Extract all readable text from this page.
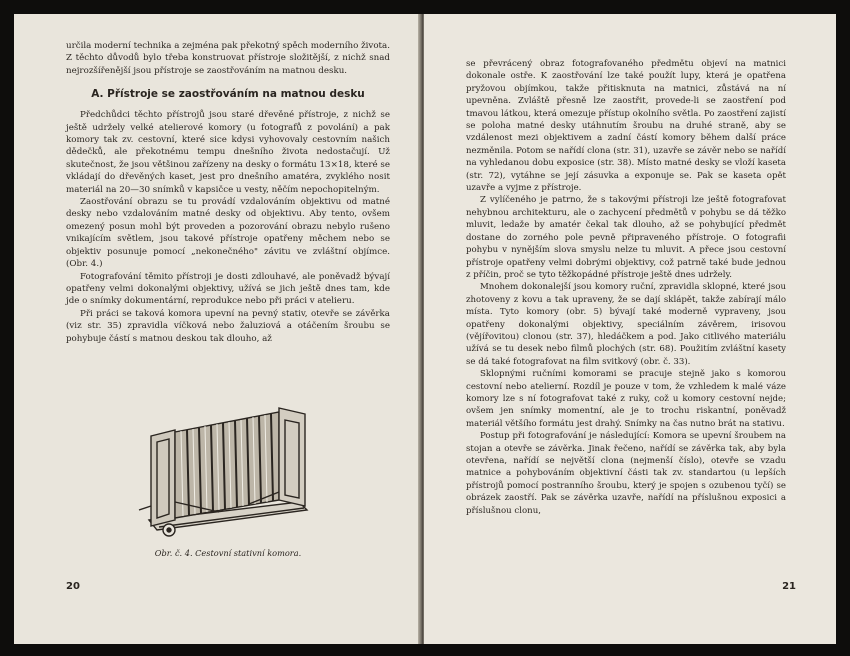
určila moderní technika a zejména pak překotný spěch moderního života. Z těchto důvodů bylo třeba konstruovat přístroje složitější, z nichž snad nejrozšířenější jsou přístroje se zaostřováním na matnou desku.

A. Přístroje se zaostřováním na matnou desku

Předchůdci těchto přístrojů jsou staré dřevěné přístroje, z nichž se ještě udržely velké atelierové komory (u fotografů z povolání) a pak komory tak zv. cestovní, které sice kdysi vyhovovaly cestovním našich dědečků, ale překotnému tempu dnešního života nedostačují. Už skutečnost, že jsou většinou zařízeny na desky o formátu 13×18, které se vkládají do dřevěných kaset, jest pro dnešního amatéra, zvyklého nosit materiál na 20—30 snímků v kapsičce u vesty, něčím nepochopitelným.

Zaostřování obrazu se tu provádí vzdalováním objektivu od matné desky nebo vzdalováním matné desky od objektivu. Aby tento, ovšem omezený posun mohl být proveden a pozorování obrazu nebylo rušeno vnikajícím světlem, jsou takové přístroje opatřeny měchem nebo se objektiv posunuje pomocí „nekonečného" závitu ve zvláštní objímce. (Obr. 4.)

Fotografování těmito přístroji je dosti zdlouhavé, ale poněvadž bývají opatřeny velmi dokonalými objektivy, užívá se jich ještě dnes tam, kde jde o snímky dokumentární, reprodukce nebo při práci v atelieru.

Při práci se taková komora upevní na pevný stativ, otevře se závěrka (viz str. 35) zpravidla víčková nebo žaluziová a otáčením šroubu se pohybuje částí s matnou deskou tak dlouho, až

Obr. č. 4. Cestovní stativní komora.
20

se převrácený obraz fotografovaného předmětu objeví na matnici dokonale ostře. K zaostřování lze také použít lupy, která je opatřena pryžovou objímkou, takže přitisknuta na matnici, zůstává na ní upevněna. Zvláště přesně lze zaostřit, provede-li se zaostření pod tmavou látkou, která omezuje přístup okolního světla. Po zaostření zajistí se poloha matné desky utáhnutím šroubu na druhé straně, aby se vzdálenost mezi objektivem a zadní částí komory během další práce nezměnila. Potom se nařídí clona (str. 31), uzavře se závěr nebo se nařídí na vyhledanou dobu exposice (str. 38). Místo matné desky se vloží kaseta (str. 72), vytáhne se její zásuvka a exponuje se. Pak se kaseta opět uzavře a vyjme z přístroje.

Z vylíčeného je patrno, že s takovými přístroji lze ještě fotografovat nehybnou architekturu, ale o zachycení předmětů v pohybu se dá těžko mluvit, ledaže by amatér čekal tak dlouho, až se pohybující předmět dostane do zorného pole pevně připraveného přístroje. O fotografii pohybu v nynějším slova smyslu nelze tu mluvit. A přece jsou cestovní přístroje opatřeny velmi dobrými objektivy, což patrně také bude jednou z příčin, proč se tyto těžkopádné přístroje ještě dnes udržely.

Mnohem dokonalejší jsou komory ruční, zpravidla sklopné, které jsou zhotoveny z kovu a tak upraveny, že se dají sklápět, takže zabírají málo místa. Tyto komory (obr. 5) bývají také moderně vypraveny, jsou opatřeny dokonalými objektivy, speciálním závěrem, irisovou (vějířovitou) clonou (str. 37), hledáčkem a pod. Jako citlivého materiálu užívá se tu desek nebo filmů plochých (str. 68). Použitím zvláštní kasety se dá také fotografovat na film svitkový (obr. č. 33).

Sklopnými ručními komorami se pracuje stejně jako s komorou cestovní nebo atelierní. Rozdíl je pouze v tom, že vzhledem k malé váze komory lze s ní fotografovat také z ruky, což u komory cestovní nejde; ovšem jen snímky momentní, ale je to trochu riskantní, poněvadž materiál většího formátu jest drahý. Snímky na čas nutno brát na stativu.

Postup při fotografování je následující: Komora se upevní šroubem na stojan a otevře se závěrka. Jinak řečeno, nařídí se závěrka tak, aby byla otevřena, nařídí se největší clona (nejmenší číslo), otevře se vzadu matnice a pohybováním objektivní části tak zv. standartou (u lepších přístrojů pomocí postranního šroubu, který je spojen s ozubenou tyčí) se obrázek zaostří. Pak se závěrka uzavře, nařídí na příslušnou exposici a příslušnou clonu,

21
